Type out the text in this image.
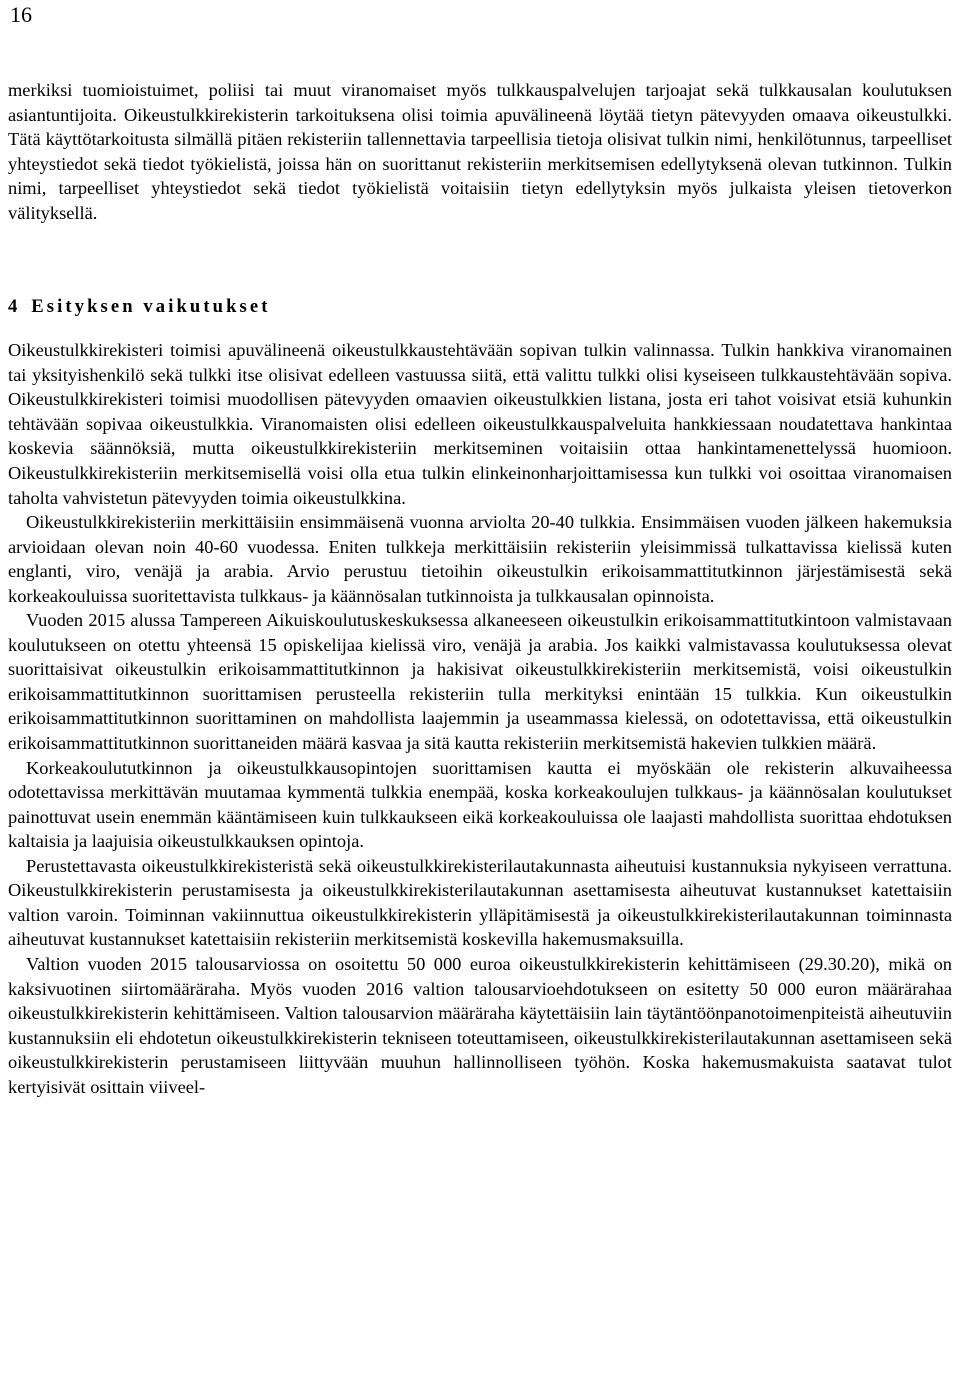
16

merkiksi tuomioistuimet, poliisi tai muut viranomaiset myös tulkkauspalvelujen tarjoajat sekä tulkkausalan koulutuksen asiantuntijoita. Oikeustulkkirekisterin tarkoituksena olisi toimia apuvälineenä löytää tietyn pätevyyden omaava oikeustulkki. Tätä käyttötarkoitusta silmällä pitäen rekisteriin tallennettavia tarpeellisia tietoja olisivat tulkin nimi, henkilötunnus, tarpeelliset yhteystiedot sekä tiedot työkielistä, joissa hän on suorittanut rekisteriin merkitsemisen edellytyksenä olevan tutkinnon. Tulkin nimi, tarpeelliset yhteystiedot sekä tiedot työkielistä voitaisiin tietyn edellytyksin myös julkaista yleisen tietoverkon välityksellä.

4 Esityksen vaikutukset

Oikeustulkkirekisteri toimisi apuvälineenä oikeustulkkaustehtävään sopivan tulkin valinnassa. Tulkin hankkiva viranomainen tai yksityishenkilö sekä tulkki itse olisivat edelleen vastuussa siitä, että valittu tulkki olisi kyseiseen tulkkaustehtävään sopiva. Oikeustulkkirekisteri toimisi muodollisen pätevyyden omaavien oikeustulkkien listana, josta eri tahot voisivat etsiä kuhunkin tehtävään sopivaa oikeustulkkia. Viranomaisten olisi edelleen oikeustulkkauspalveluita hankkiessaan noudatettava hankintaa koskevia säännöksiä, mutta oikeustulkkirekisteriin merkitseminen voitaisiin ottaa hankintamenettelyssä huomioon. Oikeustulkkirekisteriin merkitsemisellä voisi olla etua tulkin elinkeinonharjoittamisessa kun tulkki voi osoittaa viranomaisen taholta vahvistetun pätevyyden toimia oikeustulkkina.

Oikeustulkkirekisteriin merkittäisiin ensimmäisenä vuonna arviolta 20-40 tulkkia. Ensimmäisen vuoden jälkeen hakemuksia arvioidaan olevan noin 40-60 vuodessa. Eniten tulkkeja merkittäisiin rekisteriin yleisimmissä tulkattavissa kielissä kuten englanti, viro, venäjä ja arabia. Arvio perustuu tietoihin oikeustulkin erikoisammattitutkinnon järjestämisestä sekä korkeakouluissa suoritettavista tulkkaus- ja käännösalan tutkinnoista ja tulkkausalan opinnoista.

Vuoden 2015 alussa Tampereen Aikuiskoulutuskeskuksessa alkaneeseen oikeustulkin erikoisammattitutkintoon valmistavaan koulutukseen on otettu yhteensä 15 opiskelijaa kielissä viro, venäjä ja arabia. Jos kaikki valmistavassa koulutuksessa olevat suorittaisivat oikeustulkin erikoisammattitutkinnon ja hakisivat oikeustulkkirekisteriin merkitsemistä, voisi oikeustulkin erikoisammattitutkinnon suorittamisen perusteella rekisteriin tulla merkityksi enintään 15 tulkkia. Kun oikeustulkin erikoisammattitutkinnon suorittaminen on mahdollista laajemmin ja useammassa kielessä, on odotettavissa, että oikeustulkin erikoisammattitutkinnon suorittaneiden määrä kasvaa ja sitä kautta rekisteriin merkitsemistä hakevien tulkkien määrä.

Korkeakoulututkinnon ja oikeustulkkausopintojen suorittamisen kautta ei myöskään ole rekisterin alkuvaiheessa odotettavissa merkittävän muutamaa kymmentä tulkkia enempää, koska korkeakoulujen tulkkaus- ja käännösalan koulutukset painottuvat usein enemmän kääntämiseen kuin tulkkaukseen eikä korkeakouluissa ole laajasti mahdollista suorittaa ehdotuksen kaltaisia ja laajuisia oikeustulkkauksen opintoja.

Perustettavasta oikeustulkkirekisteristä sekä oikeustulkkirekisterilautakunnasta aiheutuisi kustannuksia nykyiseen verrattuna. Oikeustulkkirekisterin perustamisesta ja oikeustulkkirekisterilautakunnan asettamisesta aiheutuvat kustannukset katettaisiin valtion varoin. Toiminnan vakiinnuttua oikeustulkkirekisterin ylläpitämisestä ja oikeustulkkirekisterilautakunnan toiminnasta aiheutuvat kustannukset katettaisiin rekisteriin merkitsemistä koskevilla hakemusmaksuilla.

Valtion vuoden 2015 talousarviossa on osoitettu 50 000 euroa oikeustulkkirekisterin kehittämiseen (29.30.20), mikä on kaksivuotinen siirtomääräraha. Myös vuoden 2016 valtion talousarvioehdotukseen on esitetty 50 000 euron määrärahaa oikeustulkkirekisterin kehittämiseen. Valtion talousarvion määräraha käytettäisiin lain täytäntöönpanotoimenpiteistä aiheutuviin kustannuksiin eli ehdotetun oikeustulkkirekisterin tekniseen toteuttamiseen, oikeustulkkirekisterilautakunnan asettamiseen sekä oikeustulkkirekisterin perustamiseen liittyvään muuhun hallinnolliseen työhön. Koska hakemusmakuista saatavat tulot kertyisivät osittain viiveel-
